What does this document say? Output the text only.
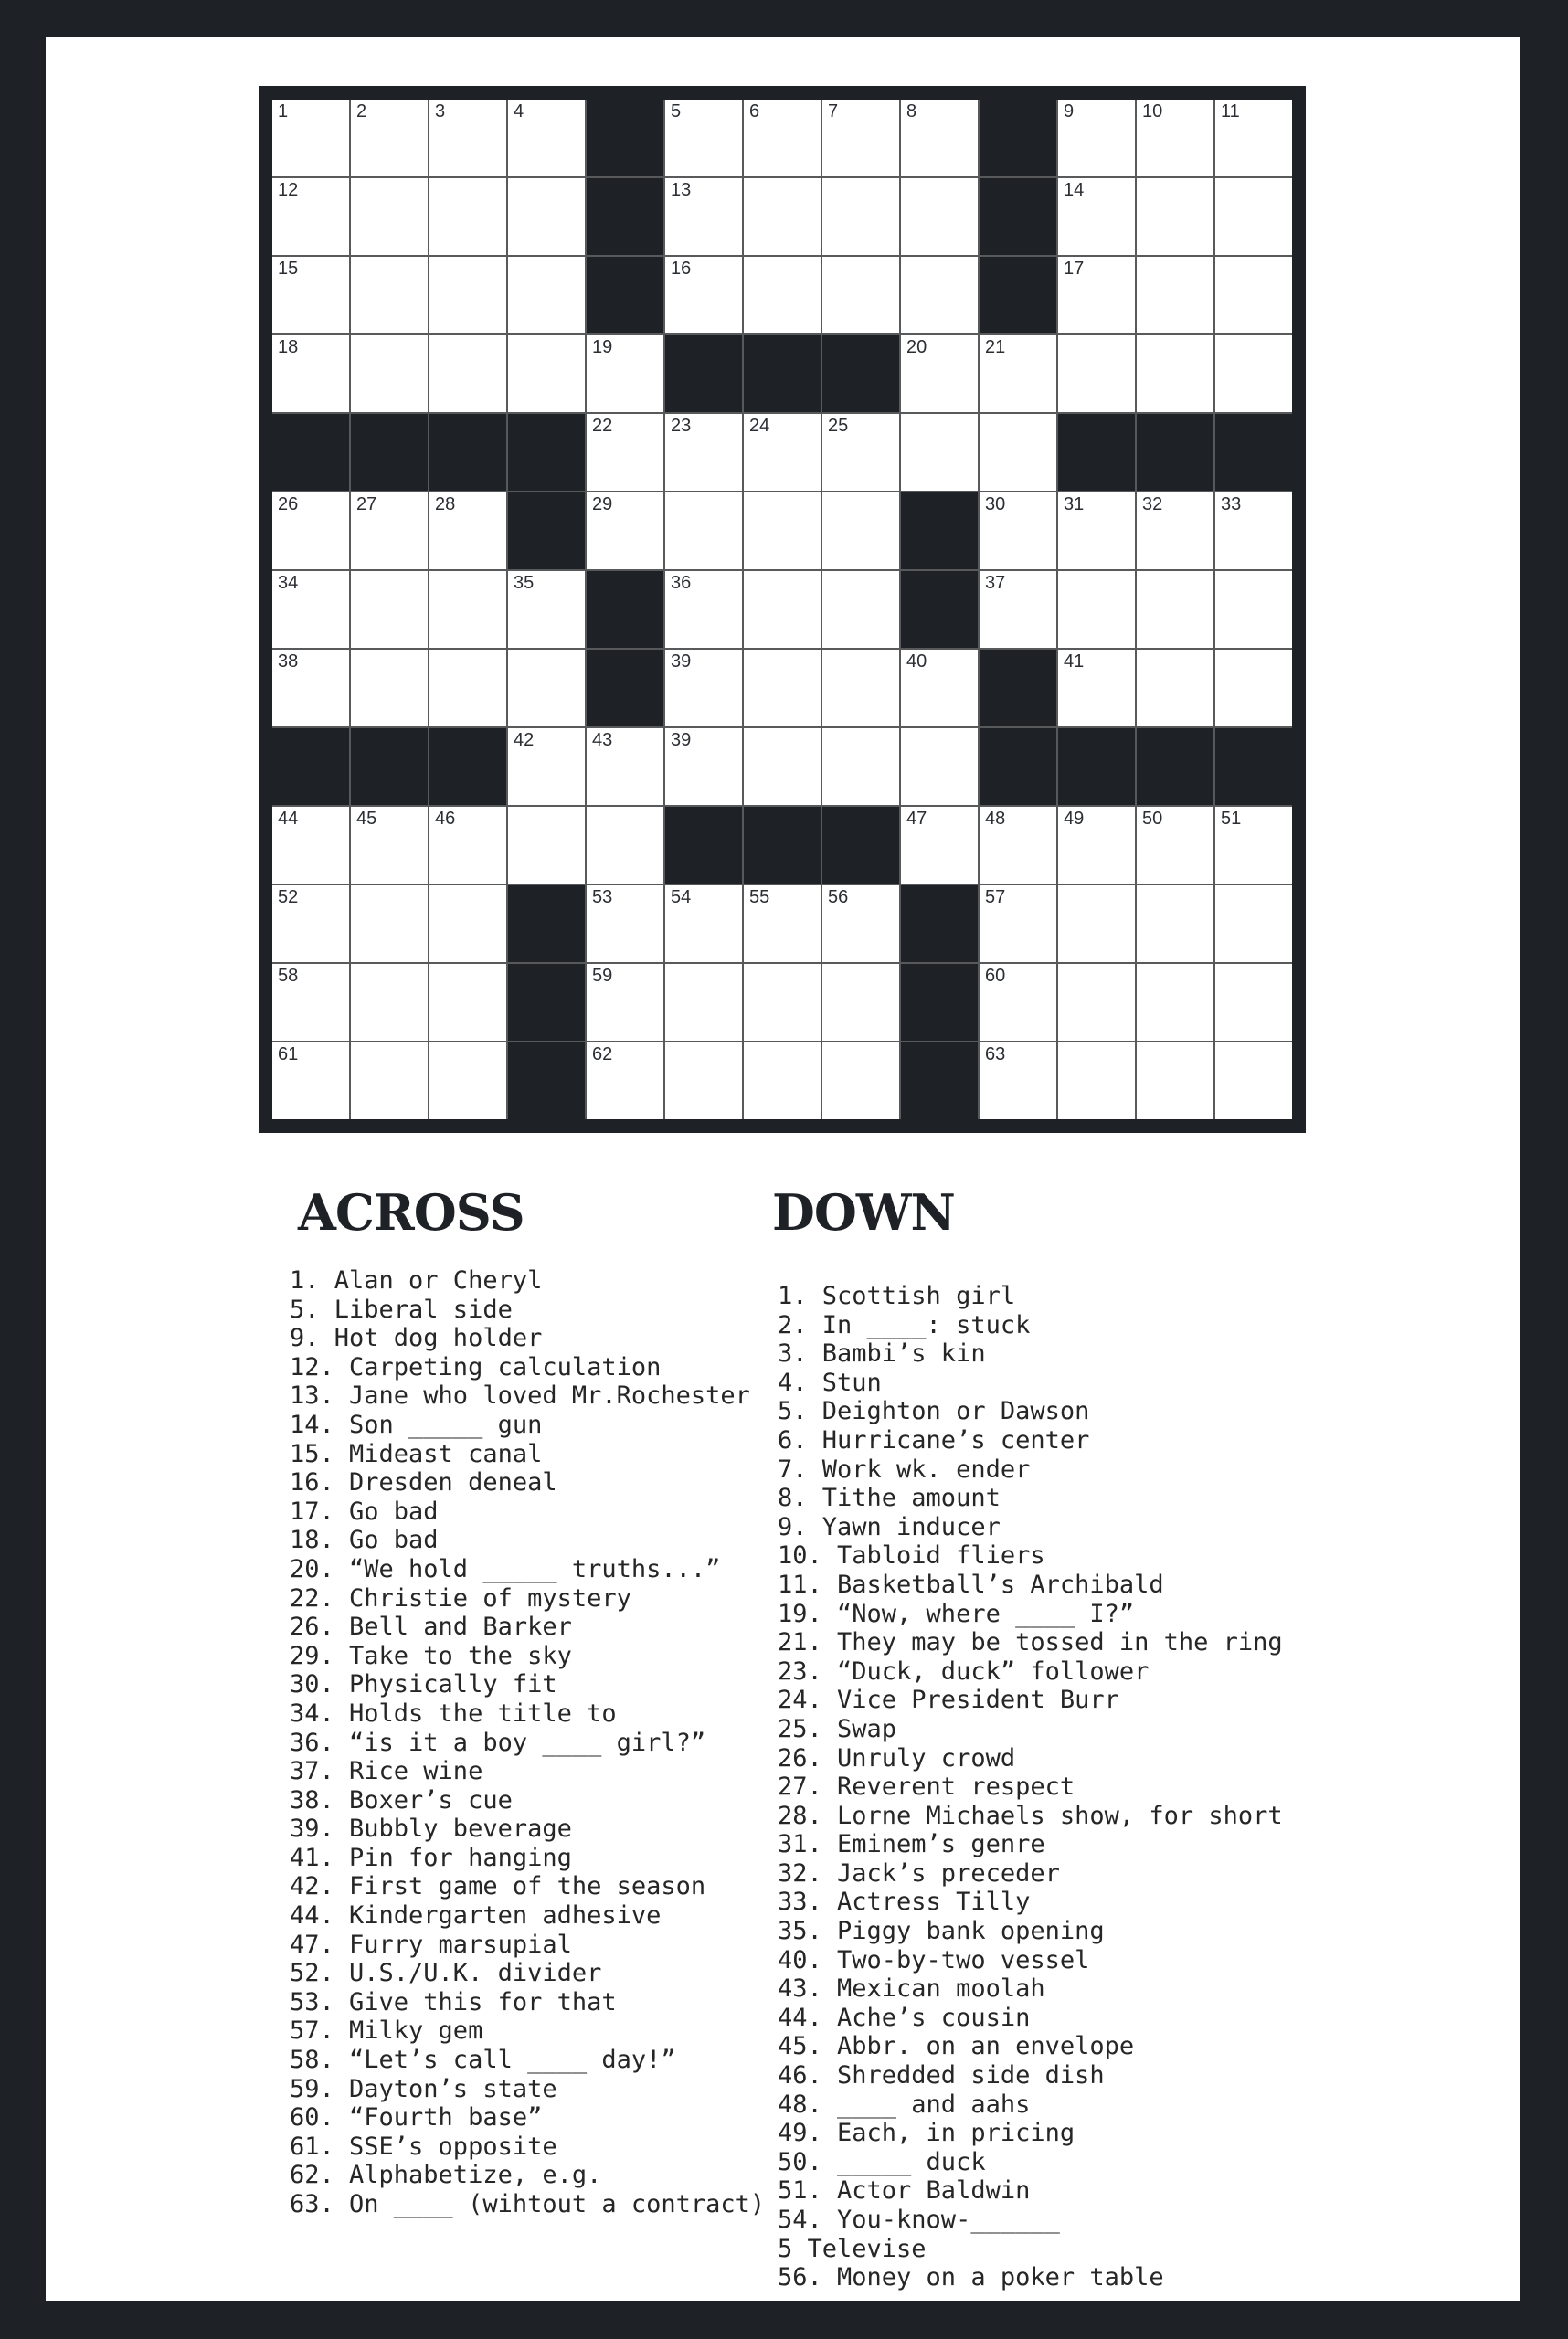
1	2	3	4	5	6	7	8	9	10	11
12	13	14
15	16	17
18	19	20	21
22	23	24	25
26	27	28	29	30	31	32	33
34	35	36	37
38	39	40	41
42	43	39
44	45	46	47	48	49	50	51
52	53	54	55	56	57
58	59	60
61	62	63
ACROSS	DOWN
1. Alan or Cheryl
5. Liberal side
9. Hot dog holder
12. Carpeting calculation
13. Jane who loved Mr.Rochester
14. Son _____ gun
15. Mideast canal
16. Dresden deneal
17. Go bad
18. Go bad
20. “We hold _____ truths...”
22. Christie of mystery
26. Bell and Barker
29. Take to the sky
30. Physically fit
34. Holds the title to
36. “is it a boy ____ girl?”
37. Rice wine
38. Boxer’s cue
39. Bubbly beverage
41. Pin for hanging
42. First game of the season
44. Kindergarten adhesive
47. Furry marsupial
52. U.S./U.K. divider
53. Give this for that
57. Milky gem
58. “Let’s call ____ day!”
59. Dayton’s state
60. “Fourth base”
61. SSE’s opposite
62. Alphabetize, e.g.
63. On ____ (wihtout a contract)
1. Scottish girl
2. In ____: stuck
3. Bambi’s kin
4. Stun
5. Deighton or Dawson
6. Hurricane’s center
7. Work wk. ender
8. Tithe amount
9. Yawn inducer
10. Tabloid fliers
11. Basketball’s Archibald
19. “Now, where ____ I?”
21. They may be tossed in the ring
23. “Duck, duck” follower
24. Vice President Burr
25. Swap
26. Unruly crowd
27. Reverent respect
28. Lorne Michaels show, for short
31. Eminem’s genre
32. Jack’s preceder
33. Actress Tilly
35. Piggy bank opening
40. Two-by-two vessel
43. Mexican moolah
44. Ache’s cousin
45. Abbr. on an envelope
46. Shredded side dish
48. ____ and aahs
49. Each, in pricing
50. _____ duck
51. Actor Baldwin
54. You-know-______
5 Televise
56. Money on a poker table
